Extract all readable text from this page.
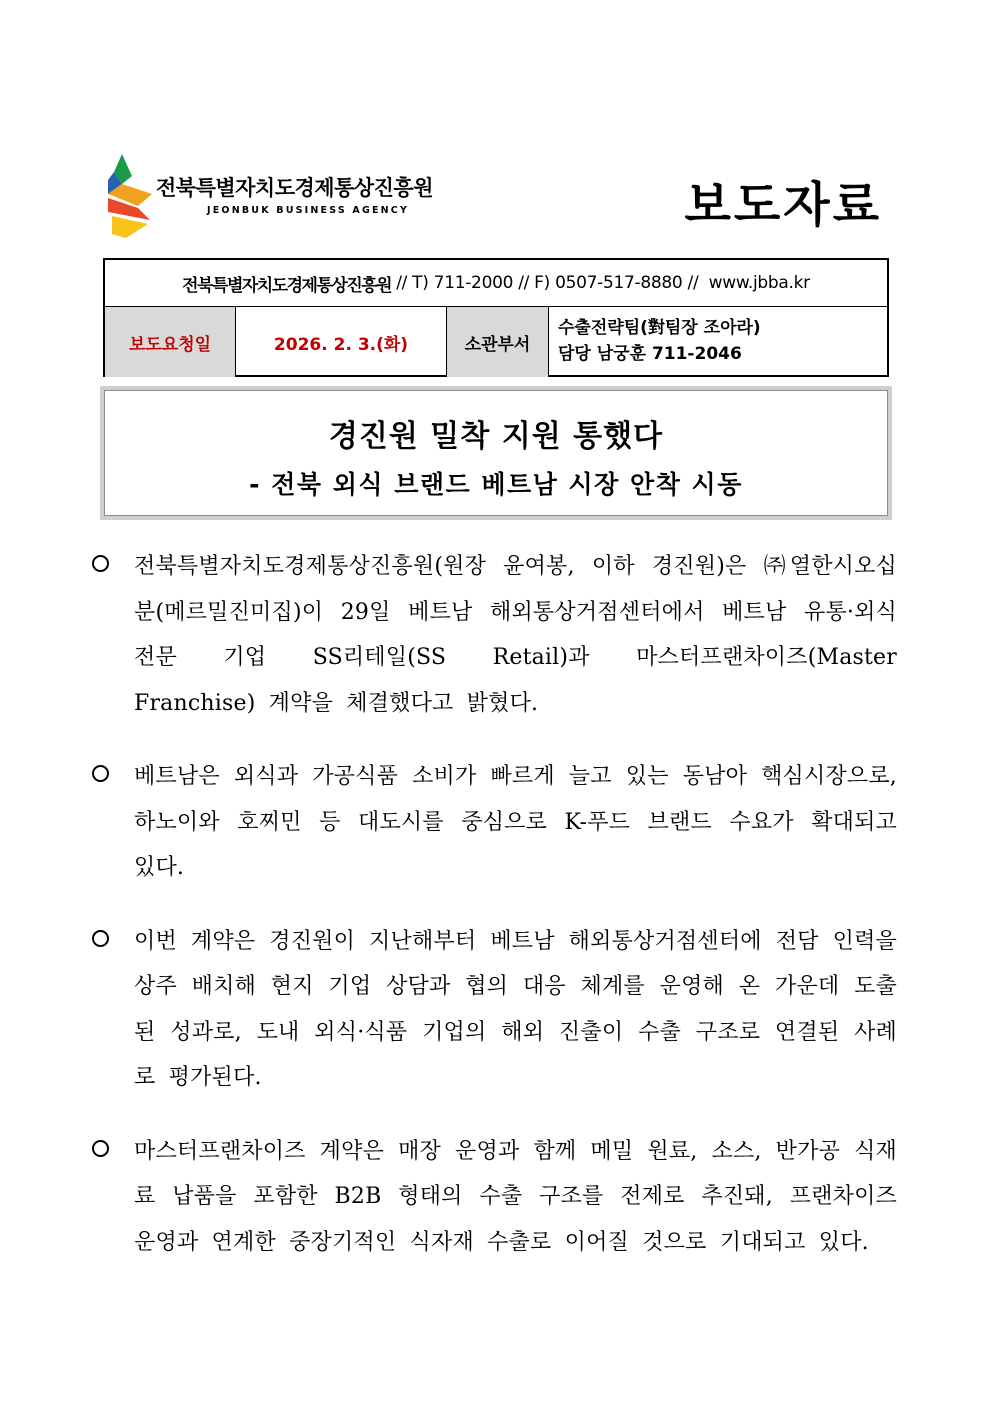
전북특별자치도경제통상진흥원
JEONBUK BUSINESS AGENCY	보도자료
전북특별자치도경제통상진흥원 // T) 711-2000 // F) 0507-517-8880 //  www.jbba.kr
보도요청일	2026. 2. 3.(화)	소관부서
수출전략팀(對팀장 조아라)
담당 남궁훈 711-2046
경진원 밀착 지원 통했다
- 전북 외식 브랜드 베트남 시장 안착 시동
전북특별자치도경제통상진흥원(원장 윤여봉, 이하 경진원)은 ㈜열한시오십분(메르밀진미집)이 29일 베트남 해외통상거점센터에서 베트남 유통·외식 전문 기업 SS리테일(SS Retail)과 마스터프랜차이즈(Master Franchise) 계약을 체결했다고 밝혔다.
베트남은 외식과 가공식품 소비가 빠르게 늘고 있는 동남아 핵심시장으로, 하노이와 호찌민 등 대도시를 중심으로 K-푸드 브랜드 수요가 확대되고 있다.
이번 계약은 경진원이 지난해부터 베트남 해외통상거점센터에 전담 인력을 상주 배치해 현지 기업 상담과 협의 대응 체계를 운영해 온 가운데 도출된 성과로, 도내 외식·식품 기업의 해외 진출이 수출 구조로 연결된 사례로 평가된다.
마스터프랜차이즈 계약은 매장 운영과 함께 메밀 원료, 소스, 반가공 식재료 납품을 포함한 B2B 형태의 수출 구조를 전제로 추진돼, 프랜차이즈 운영과 연계한 중장기적인 식자재 수출로 이어질 것으로 기대되고 있다.
